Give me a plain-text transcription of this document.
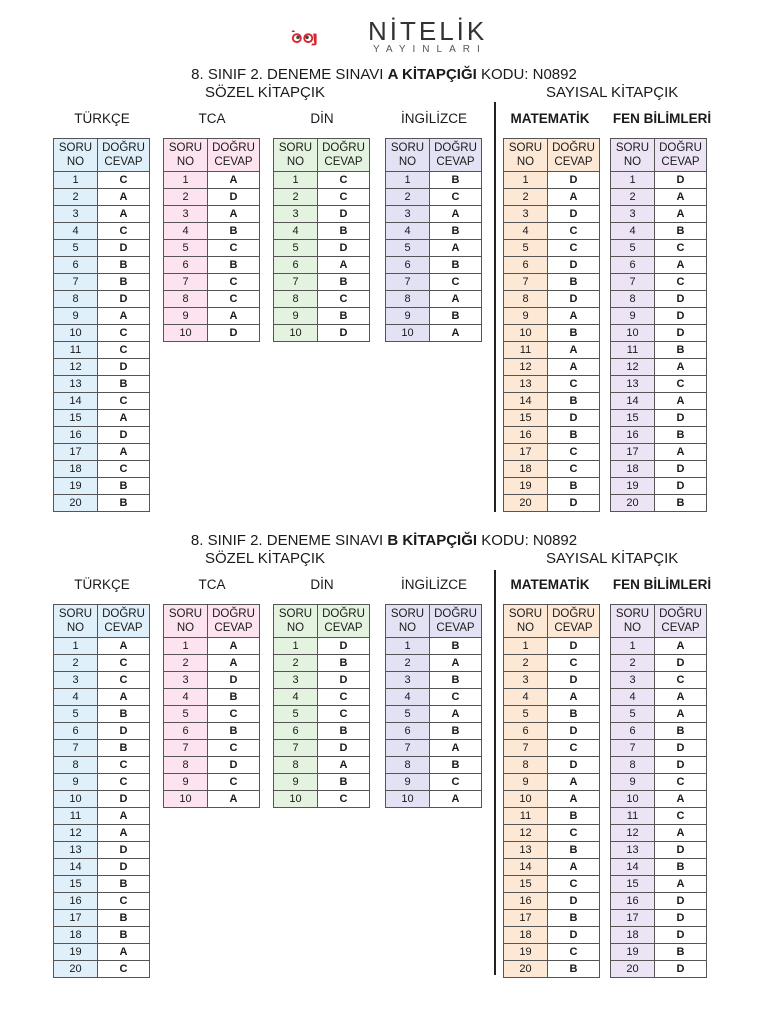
NİTELİK
YAYINLARI
8. SINIF 2. DENEME SINAVI A KİTAPÇIĞI KODU: N0892
SÖZEL KİTAPÇIK	SAYISAL KİTAPÇIK
TÜRKÇE
SORU
NO	DOĞRU
CEVAP
1	C
2	A
3	A
4	C
5	D
6	B
7	B
8	D
9	A
10	C
11	C
12	D
13	B
14	C
15	A
16	D
17	A
18	C
19	B
20	B
TCA
SORU
NO	DOĞRU
CEVAP
1	A
2	D
3	A
4	B
5	C
6	B
7	C
8	C
9	A
10	D
DİN
SORU
NO	DOĞRU
CEVAP
1	C
2	C
3	D
4	B
5	D
6	A
7	B
8	C
9	B
10	D
İNGİLİZCE
SORU
NO	DOĞRU
CEVAP
1	B
2	C
3	A
4	B
5	A
6	B
7	C
8	A
9	B
10	A
MATEMATİK
SORU
NO	DOĞRU
CEVAP
1	D
2	A
3	D
4	C
5	C
6	D
7	B
8	D
9	A
10	B
11	A
12	A
13	C
14	B
15	D
16	B
17	C
18	C
19	B
20	D
FEN BİLİMLERİ
SORU
NO	DOĞRU
CEVAP
1	D
2	A
3	A
4	B
5	C
6	A
7	C
8	D
9	D
10	D
11	B
12	A
13	C
14	A
15	D
16	B
17	A
18	D
19	D
20	B
8. SINIF 2. DENEME SINAVI B KİTAPÇIĞI KODU: N0892
SÖZEL KİTAPÇIK	SAYISAL KİTAPÇIK
TÜRKÇE
SORU
NO	DOĞRU
CEVAP
1	A
2	C
3	C
4	A
5	B
6	D
7	B
8	C
9	C
10	D
11	A
12	A
13	D
14	D
15	B
16	C
17	B
18	B
19	A
20	C
TCA
SORU
NO	DOĞRU
CEVAP
1	A
2	A
3	D
4	B
5	C
6	B
7	C
8	D
9	C
10	A
DİN
SORU
NO	DOĞRU
CEVAP
1	D
2	B
3	D
4	C
5	C
6	B
7	D
8	A
9	B
10	C
İNGİLİZCE
SORU
NO	DOĞRU
CEVAP
1	B
2	A
3	B
4	C
5	A
6	B
7	A
8	B
9	C
10	A
MATEMATİK
SORU
NO	DOĞRU
CEVAP
1	D
2	C
3	D
4	A
5	B
6	D
7	C
8	D
9	A
10	A
11	B
12	C
13	B
14	A
15	C
16	D
17	B
18	D
19	C
20	B
FEN BİLİMLERİ
SORU
NO	DOĞRU
CEVAP
1	A
2	D
3	C
4	A
5	A
6	B
7	D
8	D
9	C
10	A
11	C
12	A
13	D
14	B
15	A
16	D
17	D
18	D
19	B
20	D
